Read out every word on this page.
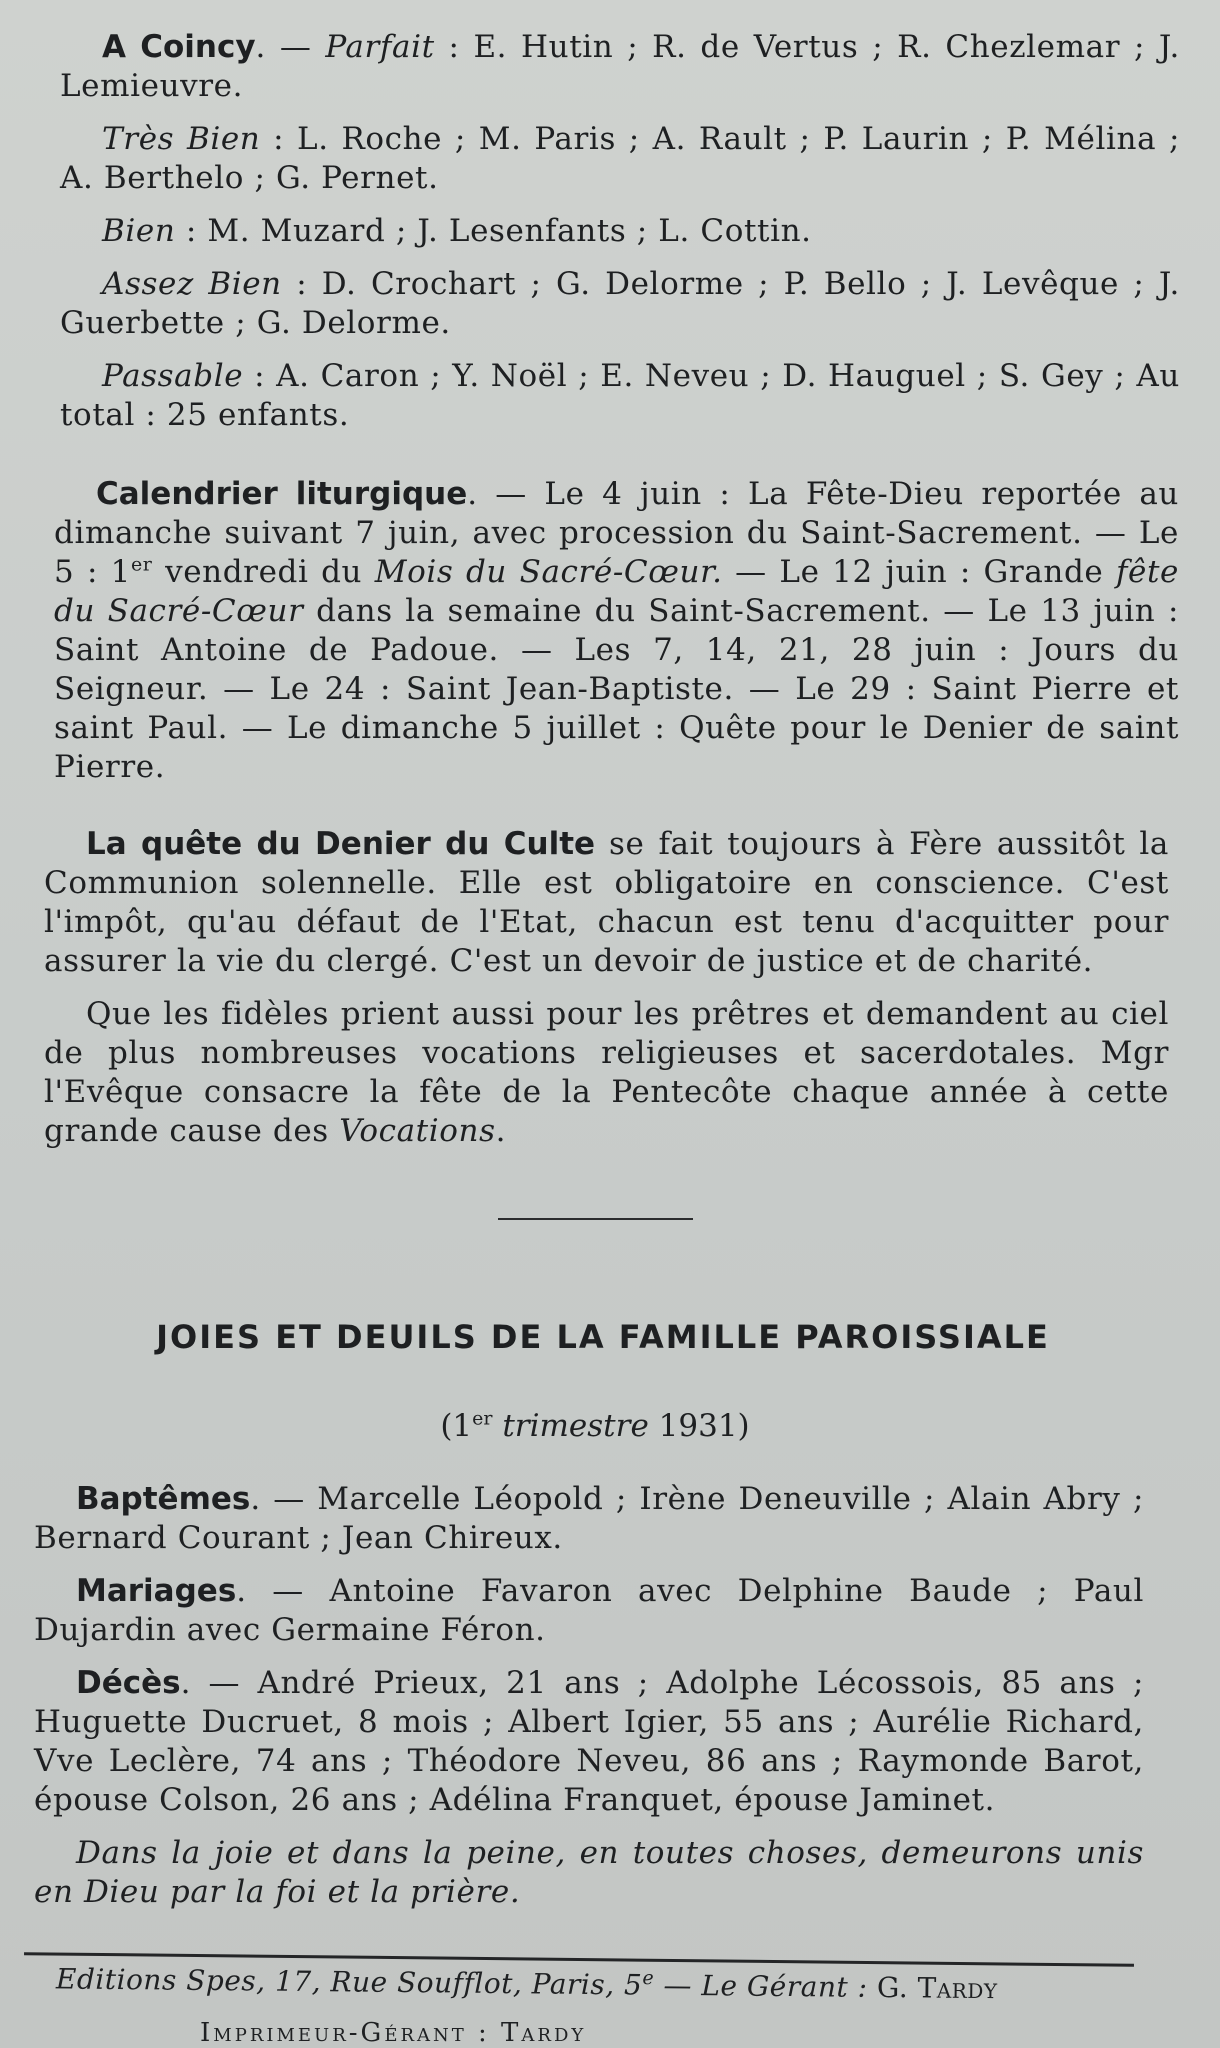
A Coincy. — Parfait : E. Hutin ; R. de Vertus ; R. Chezlemar ; J. Lemieuvre.

Très Bien : L. Roche ; M. Paris ; A. Rault ; P. Laurin ; P. Mélina ; A. Berthelo ; G. Pernet.

Bien : M. Muzard ; J. Lesenfants ; L. Cottin.

Assez Bien : D. Crochart ; G. Delorme ; P. Bello ; J. Levêque ; J. Guerbette ; G. Delorme.

Passable : A. Caron ; Y. Noël ; E. Neveu ; D. Hauguel ; S. Gey ; Au total : 25 enfants.

Calendrier liturgique. — Le 4 juin : La Fête-Dieu reportée au dimanche suivant 7 juin, avec procession du Saint-Sacrement. — Le 5 : 1er vendredi du Mois du Sacré-Cœur. — Le 12 juin : Grande fête du Sacré-Cœur dans la semaine du Saint-Sacrement. — Le 13 juin : Saint Antoine de Padoue. — Les 7, 14, 21, 28 juin : Jours du Seigneur. — Le 24 : Saint Jean-Baptiste. — Le 29 : Saint Pierre et saint Paul. — Le dimanche 5 juillet : Quête pour le Denier de saint Pierre.

La quête du Denier du Culte se fait toujours à Fère aussitôt la Communion solennelle. Elle est obligatoire en conscience. C'est l'impôt, qu'au défaut de l'Etat, chacun est tenu d'acquitter pour assurer la vie du clergé. C'est un devoir de justice et de charité.

Que les fidèles prient aussi pour les prêtres et demandent au ciel de plus nombreuses vocations religieuses et sacerdotales. Mgr l'Evêque consacre la fête de la Pentecôte chaque année à cette grande cause des Vocations.

JOIES ET DEUILS DE LA FAMILLE PAROISSIALE
(1er trimestre 1931)

Baptêmes. — Marcelle Léopold ; Irène Deneuville ; Alain Abry ; Bernard Courant ; Jean Chireux.

Mariages. — Antoine Favaron avec Delphine Baude ; Paul Dujardin avec Germaine Féron.

Décès. — André Prieux, 21 ans ; Adolphe Lécossois, 85 ans ; Huguette Ducruet, 8 mois ; Albert Igier, 55 ans ; Aurélie Richard, Vve Leclère, 74 ans ; Théodore Neveu, 86 ans ; Raymonde Barot, épouse Colson, 26 ans ; Adélina Franquet, épouse Jaminet.

Dans la joie et dans la peine, en toutes choses, demeurons unis en Dieu par la foi et la prière.

Editions Spes, 17, Rue Soufflot, Paris, 5e — Le Gérant : G. Tardy
Imprimeur-Gérant : Tardy
